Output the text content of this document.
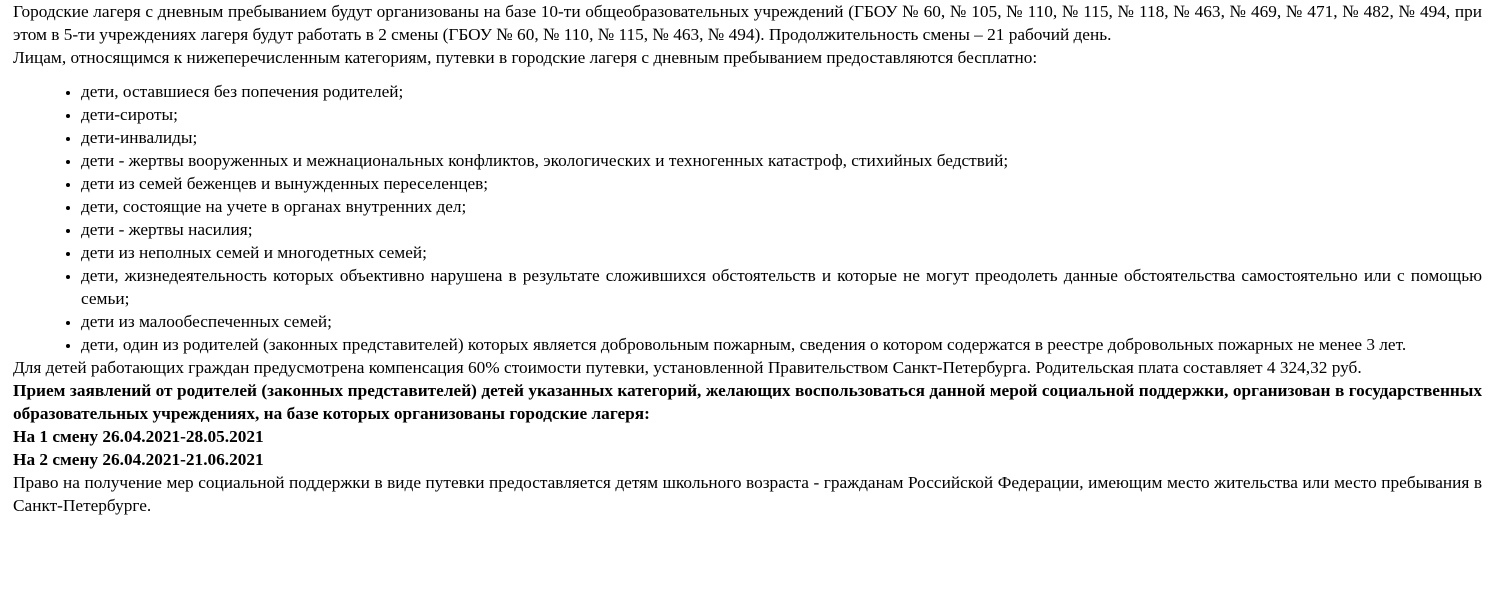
Городские лагеря с дневным пребыванием будут организованы на базе 10-ти общеобразовательных учреждений (ГБОУ № 60, № 105, № 110, № 115, № 118, № 463, № 469, № 471, № 482, № 494, при этом в 5-ти учреждениях лагеря будут работать в 2 смены (ГБОУ № 60, № 110, № 115, № 463, № 494). Продолжительность смены – 21 рабочий день.

Лицам, относящимся к нижеперечисленным категориям, путевки в городские лагеря с дневным пребыванием предоставляются бесплатно:

• дети, оставшиеся без попечения родителей;
• дети-сироты;
• дети-инвалиды;
• дети - жертвы вооруженных и межнациональных конфликтов, экологических и техногенных катастроф, стихийных бедствий;
• дети из семей беженцев и вынужденных переселенцев;
• дети, состоящие на учете в органах внутренних дел;
• дети - жертвы насилия;
• дети из неполных семей и многодетных семей;
• дети, жизнедеятельность которых объективно нарушена в результате сложившихся обстоятельств и которые не могут преодолеть данные обстоятельства самостоятельно или с помощью семьи;
• дети из малообеспеченных семей;
• дети, один из родителей (законных представителей) которых является добровольным пожарным, сведения о котором содержатся в реестре добровольных пожарных не менее 3 лет.

Для детей работающих граждан предусмотрена компенсация 60% стоимости путевки, установленной Правительством Санкт-Петербурга. Родительская плата составляет 4 324,32 руб.

Прием заявлений от родителей (законных представителей) детей указанных категорий, желающих воспользоваться данной мерой социальной поддержки, организован в государственных образовательных учреждениях, на базе которых организованы городские лагеря:

На 1 смену 26.04.2021-28.05.2021

На 2 смену 26.04.2021-21.06.2021

Право на получение мер социальной поддержки в виде путевки предоставляется детям школьного возраста - гражданам Российской Федерации, имеющим место жительства или место пребывания в Санкт-Петербурге.
